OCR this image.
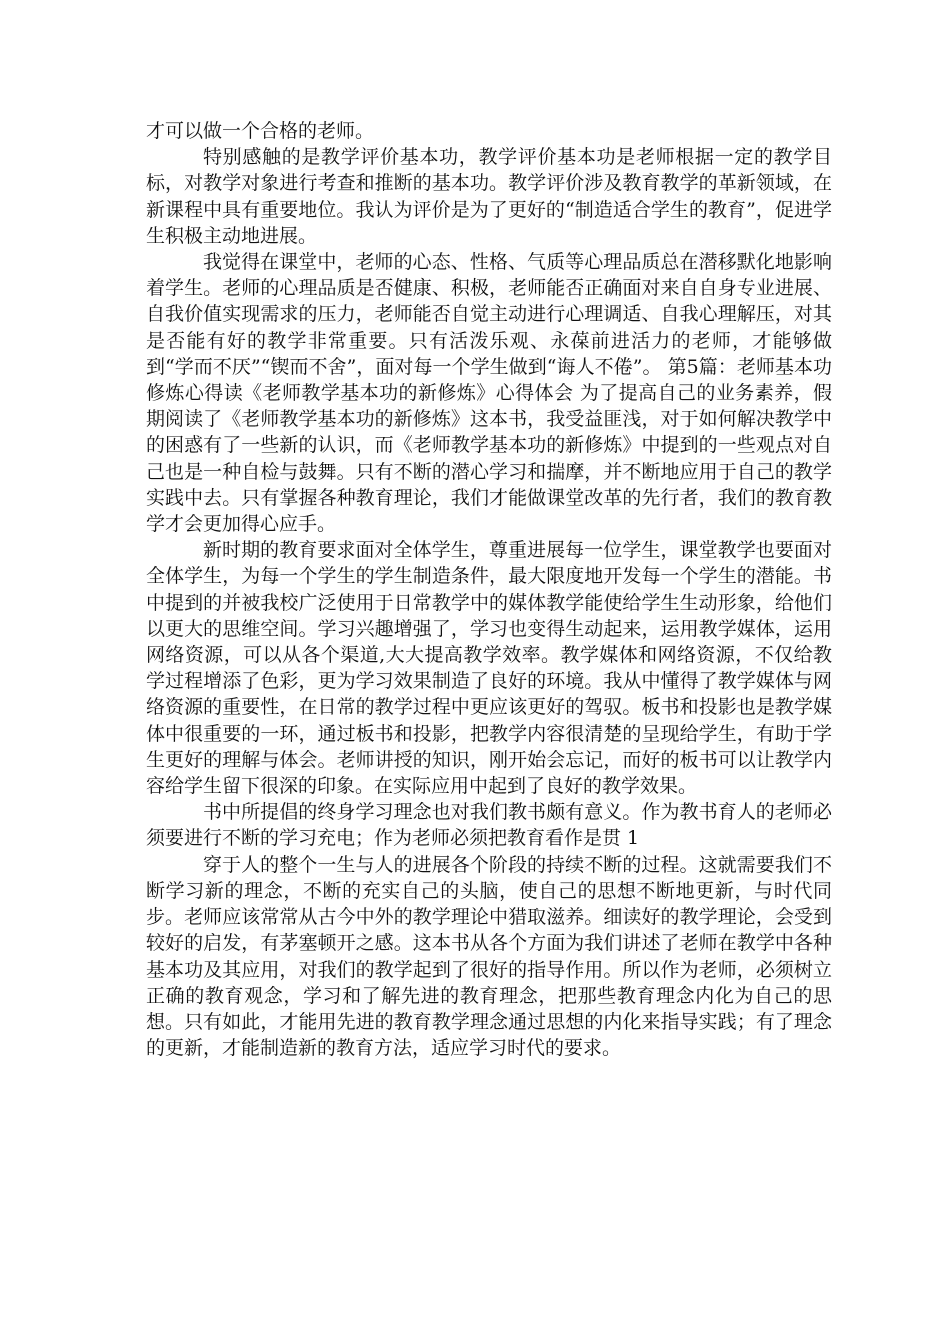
才可以做一个合格的老师。

特别感触的是教学评价基本功，教学评价基本功是老师根据一定的教学目标，对教学对象进行考查和推断的基本功。教学评价涉及教育教学的革新领域，在新课程中具有重要地位。我认为评价是为了更好的“制造适合学生的教育”，促进学生积极主动地进展。

我觉得在课堂中，老师的心态、性格、气质等心理品质总在潜移默化地影响着学生。老师的心理品质是否健康、积极，老师能否正确面对来自自身专业进展、自我价值实现需求的压力，老师能否自觉主动进行心理调适、自我心理解压，对其是否能有好的教学非常重要。只有活泼乐观、永葆前进活力的老师，才能够做到“学而不厌”“锲而不舍”，面对每一个学生做到“诲人不倦”。 第5篇：老师基本功修炼心得读《老师教学基本功的新修炼》心得体会 为了提高自己的业务素养，假期阅读了《老师教学基本功的新修炼》这本书，我受益匪浅，对于如何解决教学中的困惑有了一些新的认识，而《老师教学基本功的新修炼》中提到的一些观点对自己也是一种自检与鼓舞。只有不断的潜心学习和揣摩，并不断地应用于自己的教学实践中去。只有掌握各种教育理论，我们才能做课堂改革的先行者，我们的教育教学才会更加得心应手。

新时期的教育要求面对全体学生，尊重进展每一位学生，课堂教学也要面对全体学生，为每一个学生的学生制造条件，最大限度地开发每一个学生的潜能。书中提到的并被我校广泛使用于日常教学中的媒体教学能使给学生生动形象，给他们以更大的思维空间。学习兴趣增强了，学习也变得生动起来，运用教学媒体，运用网络资源，可以从各个渠道,大大提高教学效率。教学媒体和网络资源，不仅给教学过程增添了色彩，更为学习效果制造了良好的环境。我从中懂得了教学媒体与网络资源的重要性，在日常的教学过程中更应该更好的驾驭。板书和投影也是教学媒体中很重要的一环，通过板书和投影，把教学内容很清楚的呈现给学生，有助于学生更好的理解与体会。老师讲授的知识，刚开始会忘记，而好的板书可以让教学内容给学生留下很深的印象。在实际应用中起到了良好的教学效果。

书中所提倡的终身学习理念也对我们教书颇有意义。作为教书育人的老师必须要进行不断的学习充电；作为老师必须把教育看作是贯 1

穿于人的整个一生与人的进展各个阶段的持续不断的过程。这就需要我们不断学习新的理念，不断的充实自己的头脑，使自己的思想不断地更新，与时代同步。老师应该常常从古今中外的教学理论中猎取滋养。细读好的教学理论，会受到较好的启发，有茅塞顿开之感。这本书从各个方面为我们讲述了老师在教学中各种基本功及其应用，对我们的教学起到了很好的指导作用。所以作为老师，必须树立正确的教育观念，学习和了解先进的教育理念，把那些教育理念内化为自己的思想。只有如此，才能用先进的教育教学理念通过思想的内化来指导实践；有了理念的更新，才能制造新的教育方法，适应学习时代的要求。
